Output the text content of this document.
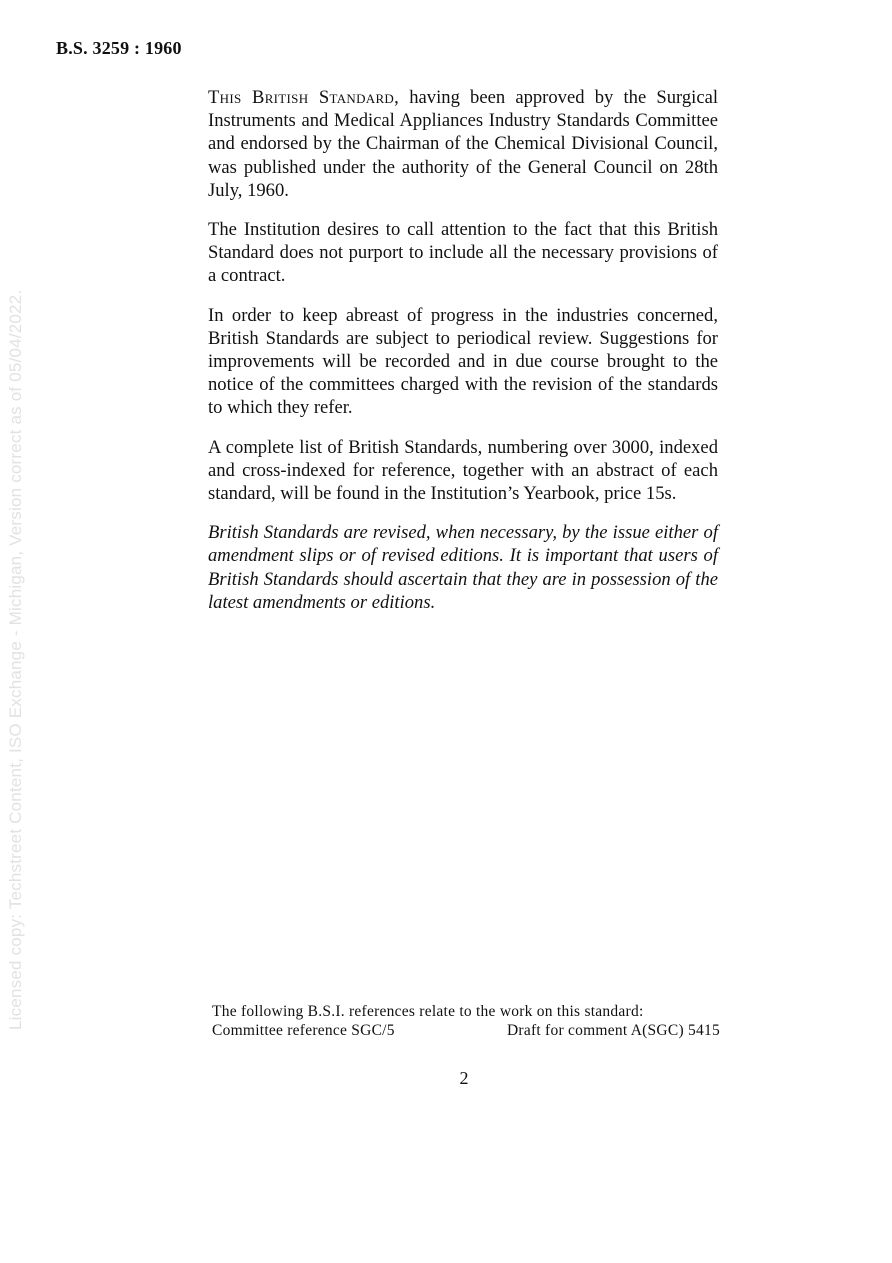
B.S. 3259 : 1960
Licensed copy: Techstreet Content, ISO Exchange - Michigan, Version correct as of 05/04/2022.

This British Standard, having been approved by the Surgical Instruments and Medical Appliances Industry Standards Committee and endorsed by the Chairman of the Chemical Divisional Council, was published under the authority of the General Council on 28th July, 1960.

The Institution desires to call attention to the fact that this British Standard does not purport to include all the necessary provisions of a contract.

In order to keep abreast of progress in the industries concerned, British Standards are subject to periodical review. Suggestions for improvements will be recorded and in due course brought to the notice of the committees charged with the revision of the standards to which they refer.

A complete list of British Standards, numbering over 3000, indexed and cross-indexed for reference, together with an abstract of each standard, will be found in the Institution’s Yearbook, price 15s.

British Standards are revised, when necessary, by the issue either of amendment slips or of revised editions. It is important that users of British Standards should ascertain that they are in possession of the latest amendments or editions.

The following B.S.I. references relate to the work on this standard:
Committee reference SGC/5	Draft for comment A(SGC) 5415
2
